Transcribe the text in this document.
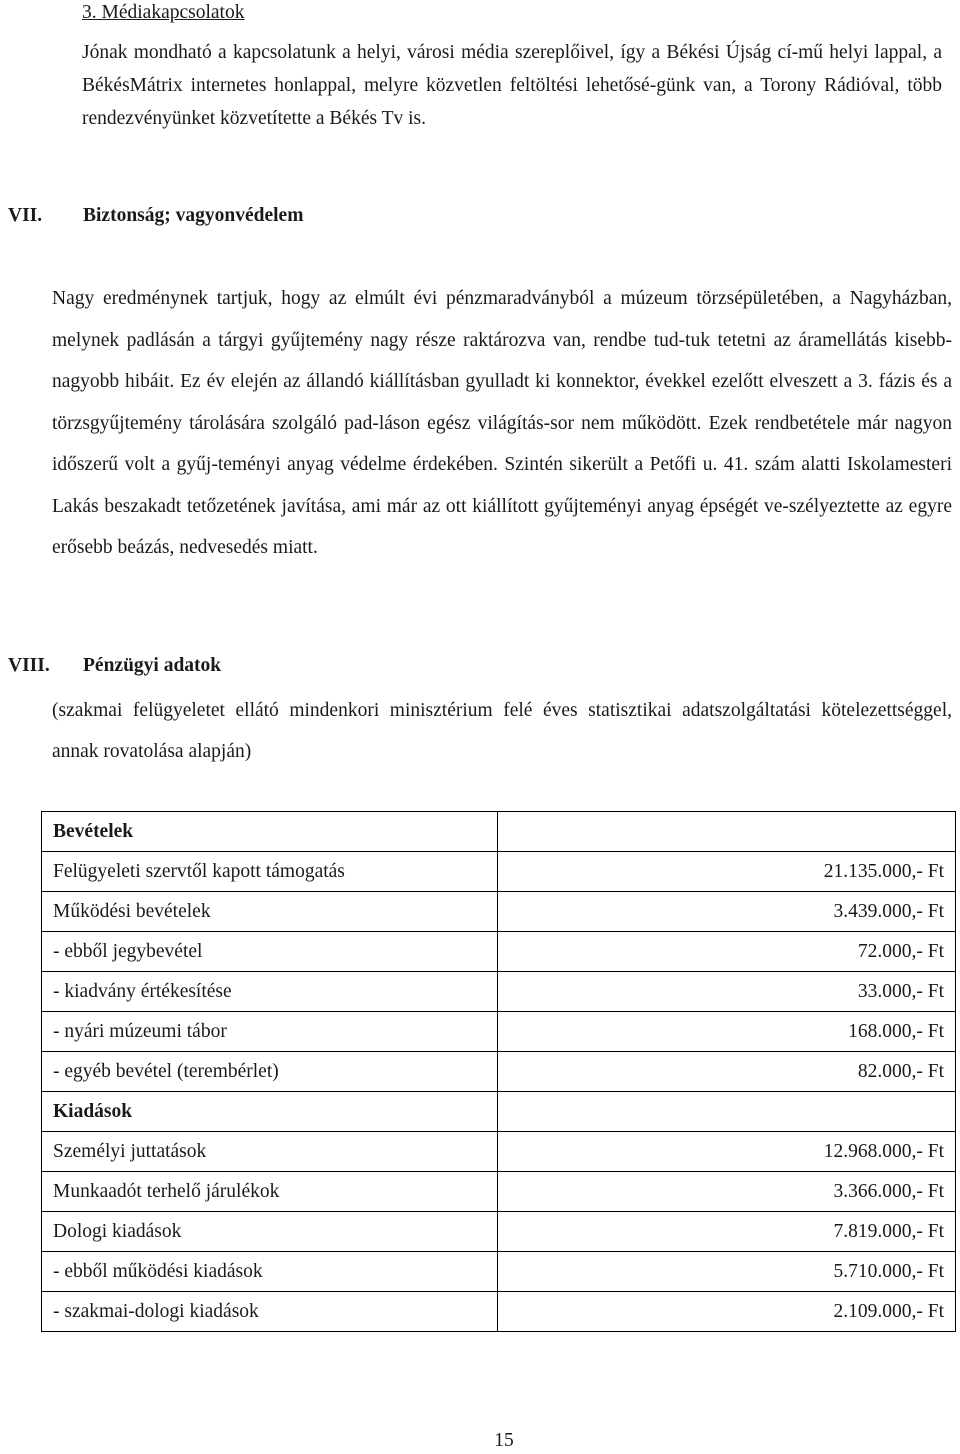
3. Médiakapcsolatok

Jónak mondható a kapcsolatunk a helyi, városi média szereplőivel, így a Békési Újság cí-mű helyi lappal, a BékésMátrix internetes honlappal, melyre közvetlen feltöltési lehetősé-günk van, a Torony Rádióval, több rendezvényünket közvetítette a Békés Tv is.

VII. Biztonság; vagyonvédelem

Nagy eredménynek tartjuk, hogy az elmúlt évi pénzmaradványból a múzeum törzsépületében, a Nagyházban, melynek padlásán a tárgyi gyűjtemény nagy része raktározva van, rendbe tud-tuk tetetni az áramellátás kisebb-nagyobb hibáit. Ez év elején az állandó kiállításban gyulladt ki konnektor, évekkel ezelőtt elveszett a 3. fázis és a törzsgyűjtemény tárolására szolgáló pad-láson egész világítás-sor nem működött. Ezek rendbetétele már nagyon időszerű volt a gyűj-teményi anyag védelme érdekében. Szintén sikerült a Petőfi u. 41. szám alatti Iskolamesteri Lakás beszakadt tetőzetének javítása, ami már az ott kiállított gyűjteményi anyag épségét ve-szélyeztette az egyre erősebb beázás, nedvesedés miatt.

VIII. Pénzügyi adatok

(szakmai felügyeletet ellátó mindenkori minisztérium felé éves statisztikai adatszolgáltatási kötelezettséggel, annak rovatolása alapján)

Bevételek	
Felügyeleti szervtől kapott támogatás	21.135.000,- Ft
Működési bevételek	3.439.000,- Ft
- ebből jegybevétel	72.000,- Ft
- kiadvány értékesítése	33.000,- Ft
- nyári múzeumi tábor	168.000,- Ft
- egyéb bevétel (terembérlet)	82.000,- Ft
Kiadások	
Személyi juttatások	12.968.000,- Ft
Munkaadót terhelő járulékok	3.366.000,- Ft
Dologi kiadások	7.819.000,- Ft
- ebből működési kiadások	5.710.000,- Ft
- szakmai-dologi kiadások	2.109.000,- Ft
15
